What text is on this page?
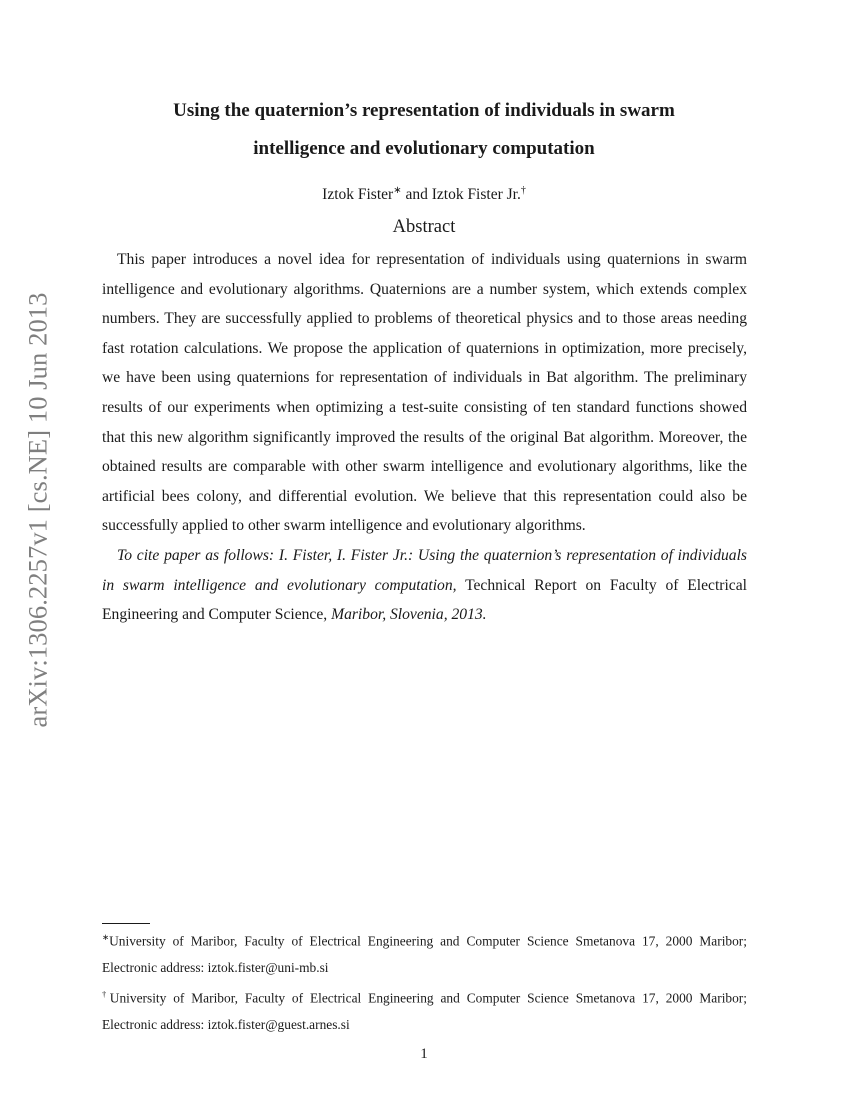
arXiv:1306.2257v1 [cs.NE] 10 Jun 2013
Using the quaternion’s representation of individuals in swarm
intelligence and evolutionary computation
Iztok Fister∗ and Iztok Fister Jr.†
Abstract

This paper introduces a novel idea for representation of individuals using quaternions in swarm intelligence and evolutionary algorithms. Quaternions are a number system, which extends complex numbers. They are successfully applied to problems of theoretical physics and to those areas needing fast rotation calculations. We propose the application of quaternions in optimization, more precisely, we have been using quaternions for representation of individuals in Bat algorithm. The preliminary results of our experiments when optimizing a test-suite consisting of ten standard functions showed that this new algorithm significantly improved the results of the original Bat algorithm. Moreover, the obtained results are comparable with other swarm intelligence and evolutionary algorithms, like the artificial bees colony, and differential evolution. We believe that this representation could also be successfully applied to other swarm intelligence and evolutionary algorithms.

To cite paper as follows: I. Fister, I. Fister Jr.: Using the quaternion’s representation of individuals in swarm intelligence and evolutionary computation, Technical Report on Faculty of Electrical Engineering and Computer Science, Maribor, Slovenia, 2013.

∗University of Maribor, Faculty of Electrical Engineering and Computer Science Smetanova 17, 2000 Maribor; Electronic address: iztok.fister@uni-mb.si

†University of Maribor, Faculty of Electrical Engineering and Computer Science Smetanova 17, 2000 Maribor; Electronic address: iztok.fister@guest.arnes.si

1
